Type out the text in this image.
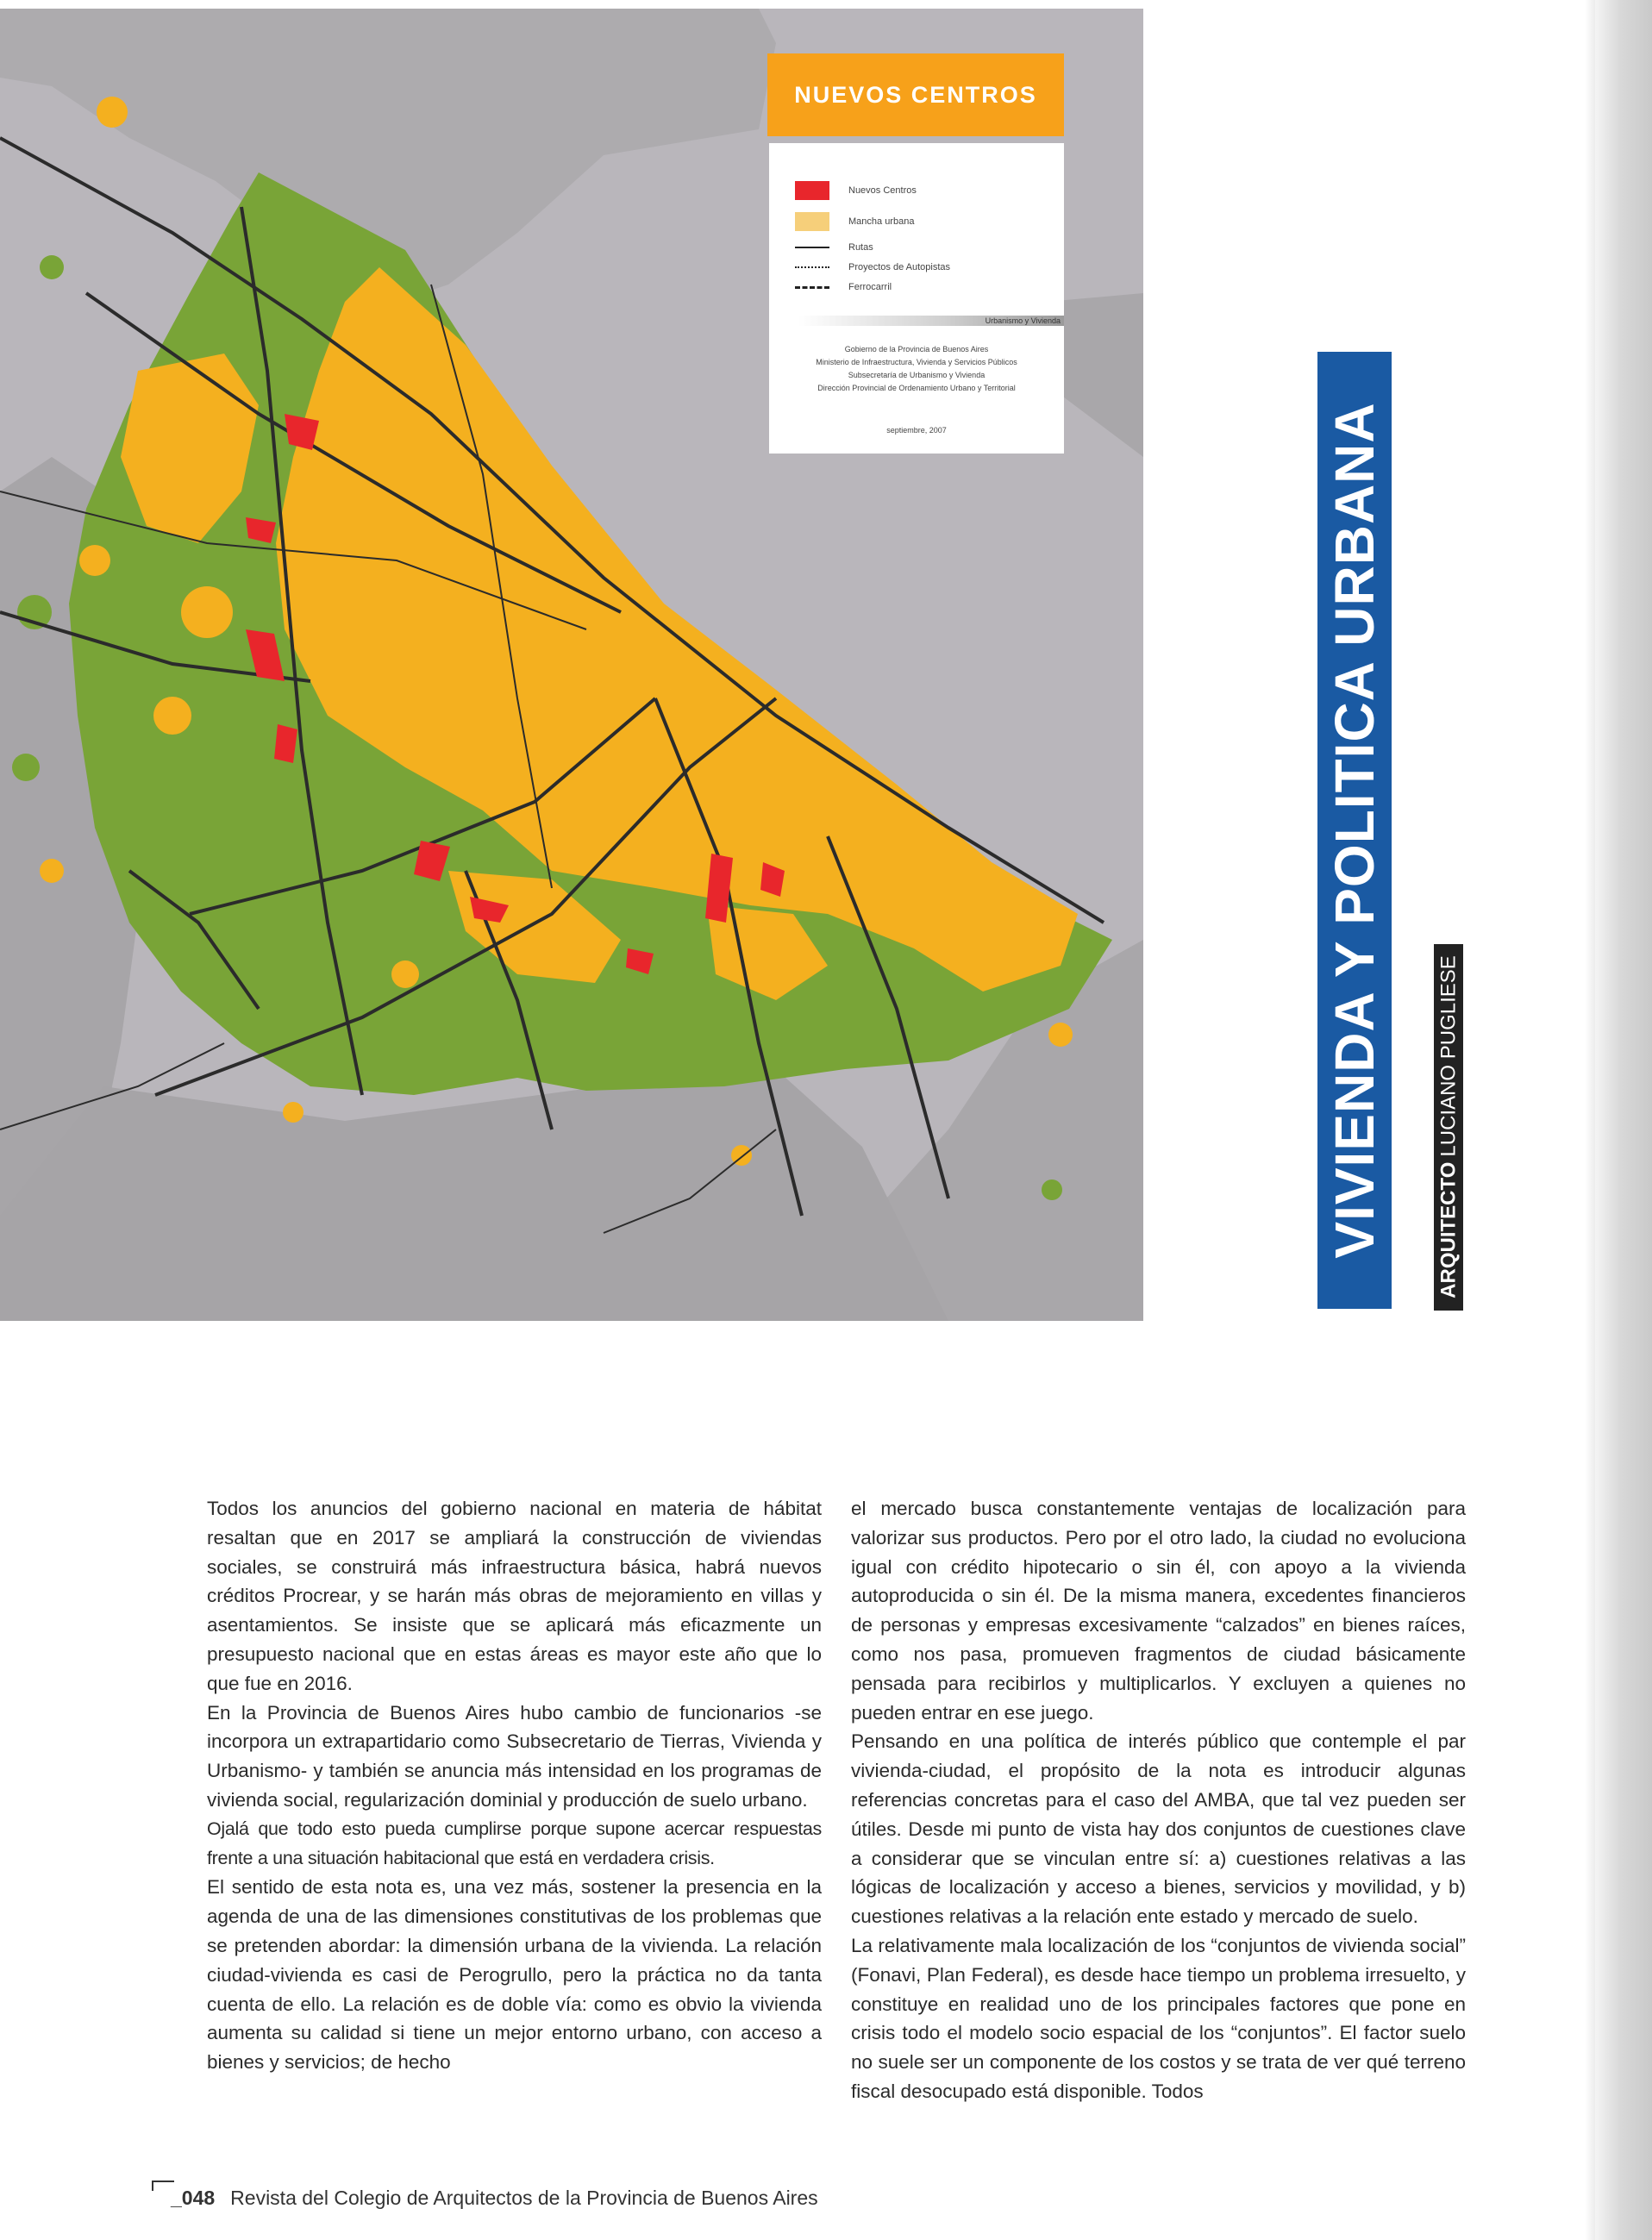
NUEVOS CENTROS
Nuevos Centros
Mancha urbana
Rutas
Proyectos de Autopistas
Ferrocarril
Urbanismo y Vivienda
Gobierno de la Provincia de Buenos Aires
Ministerio de Infraestructura, Vivienda y Servicios Públicos
Subsecretaría de Urbanismo y Vivienda
Dirección Provincial de Ordenamiento Urbano y Territorial
septiembre, 2007	VIVIENDA Y POLITICA URBANA ARQUITECTO
LUCIANO PUGLIESE

Todos los anuncios del gobierno nacional en materia de hábitat resaltan que en 2017 se ampliará la construcción de viviendas sociales, se construirá más infraestructura básica, habrá nuevos créditos Procrear, y se harán más obras de mejoramiento en villas y asentamientos. Se insiste que se aplicará más eficazmente un presupuesto nacional que en estas áreas es mayor este año que lo que fue en 2016.

En la Provincia de Buenos Aires hubo cambio de funcionarios -se incorpora un extrapartidario como Subsecretario de Tierras, Vivienda y Urbanismo- y también se anuncia más intensidad en los programas de vivienda social, regularización dominial y producción de suelo urbano.

Ojalá que todo esto pueda cumplirse porque supone acercar respuestas frente a una situación habitacional que está en verdadera crisis.

El sentido de esta nota es, una vez más, sostener la presencia en la agenda de una de las dimensiones constitutivas de los problemas que se pretenden abordar: la dimensión urbana de la vivienda. La relación ciudad-vivienda es casi de Perogrullo, pero la práctica no da tanta cuenta de ello. La relación es de doble vía: como es obvio la vivienda aumenta su calidad si tiene un mejor entorno urbano, con acceso a bienes y servicios; de hecho

el mercado busca constantemente ventajas de localización para valorizar sus productos. Pero por el otro lado, la ciudad no evoluciona igual con crédito hipotecario o sin él, con apoyo a la vivienda autoproducida o sin él. De la misma manera, excedentes financieros de personas y empresas excesivamente “calzados” en bienes raíces, como nos pasa, promueven fragmentos de ciudad básicamente pensada para recibirlos y multiplicarlos. Y excluyen a quienes no pueden entrar en ese juego.

Pensando en una política de interés público que contemple el par vivienda-ciudad, el propósito de la nota es introducir algunas referencias concretas para el caso del AMBA, que tal vez pueden ser útiles. Desde mi punto de vista hay dos conjuntos de cuestiones clave a considerar que se vinculan entre sí: a) cuestiones relativas a las lógicas de localización y acceso a bienes, servicios y movilidad, y b) cuestiones relativas a la relación ente estado y mercado de suelo.

La relativamente mala localización de los “conjuntos de vivienda social” (Fonavi, Plan Federal), es desde hace tiempo un problema irresuelto, y constituye en realidad uno de los principales factores que pone en crisis todo el modelo socio espacial de los “conjuntos”. El factor suelo no suele ser un componente de los costos y se trata de ver qué terreno fiscal desocupado está disponible. Todos

_048 Revista del Colegio de Arquitectos de la Provincia de Buenos Aires
